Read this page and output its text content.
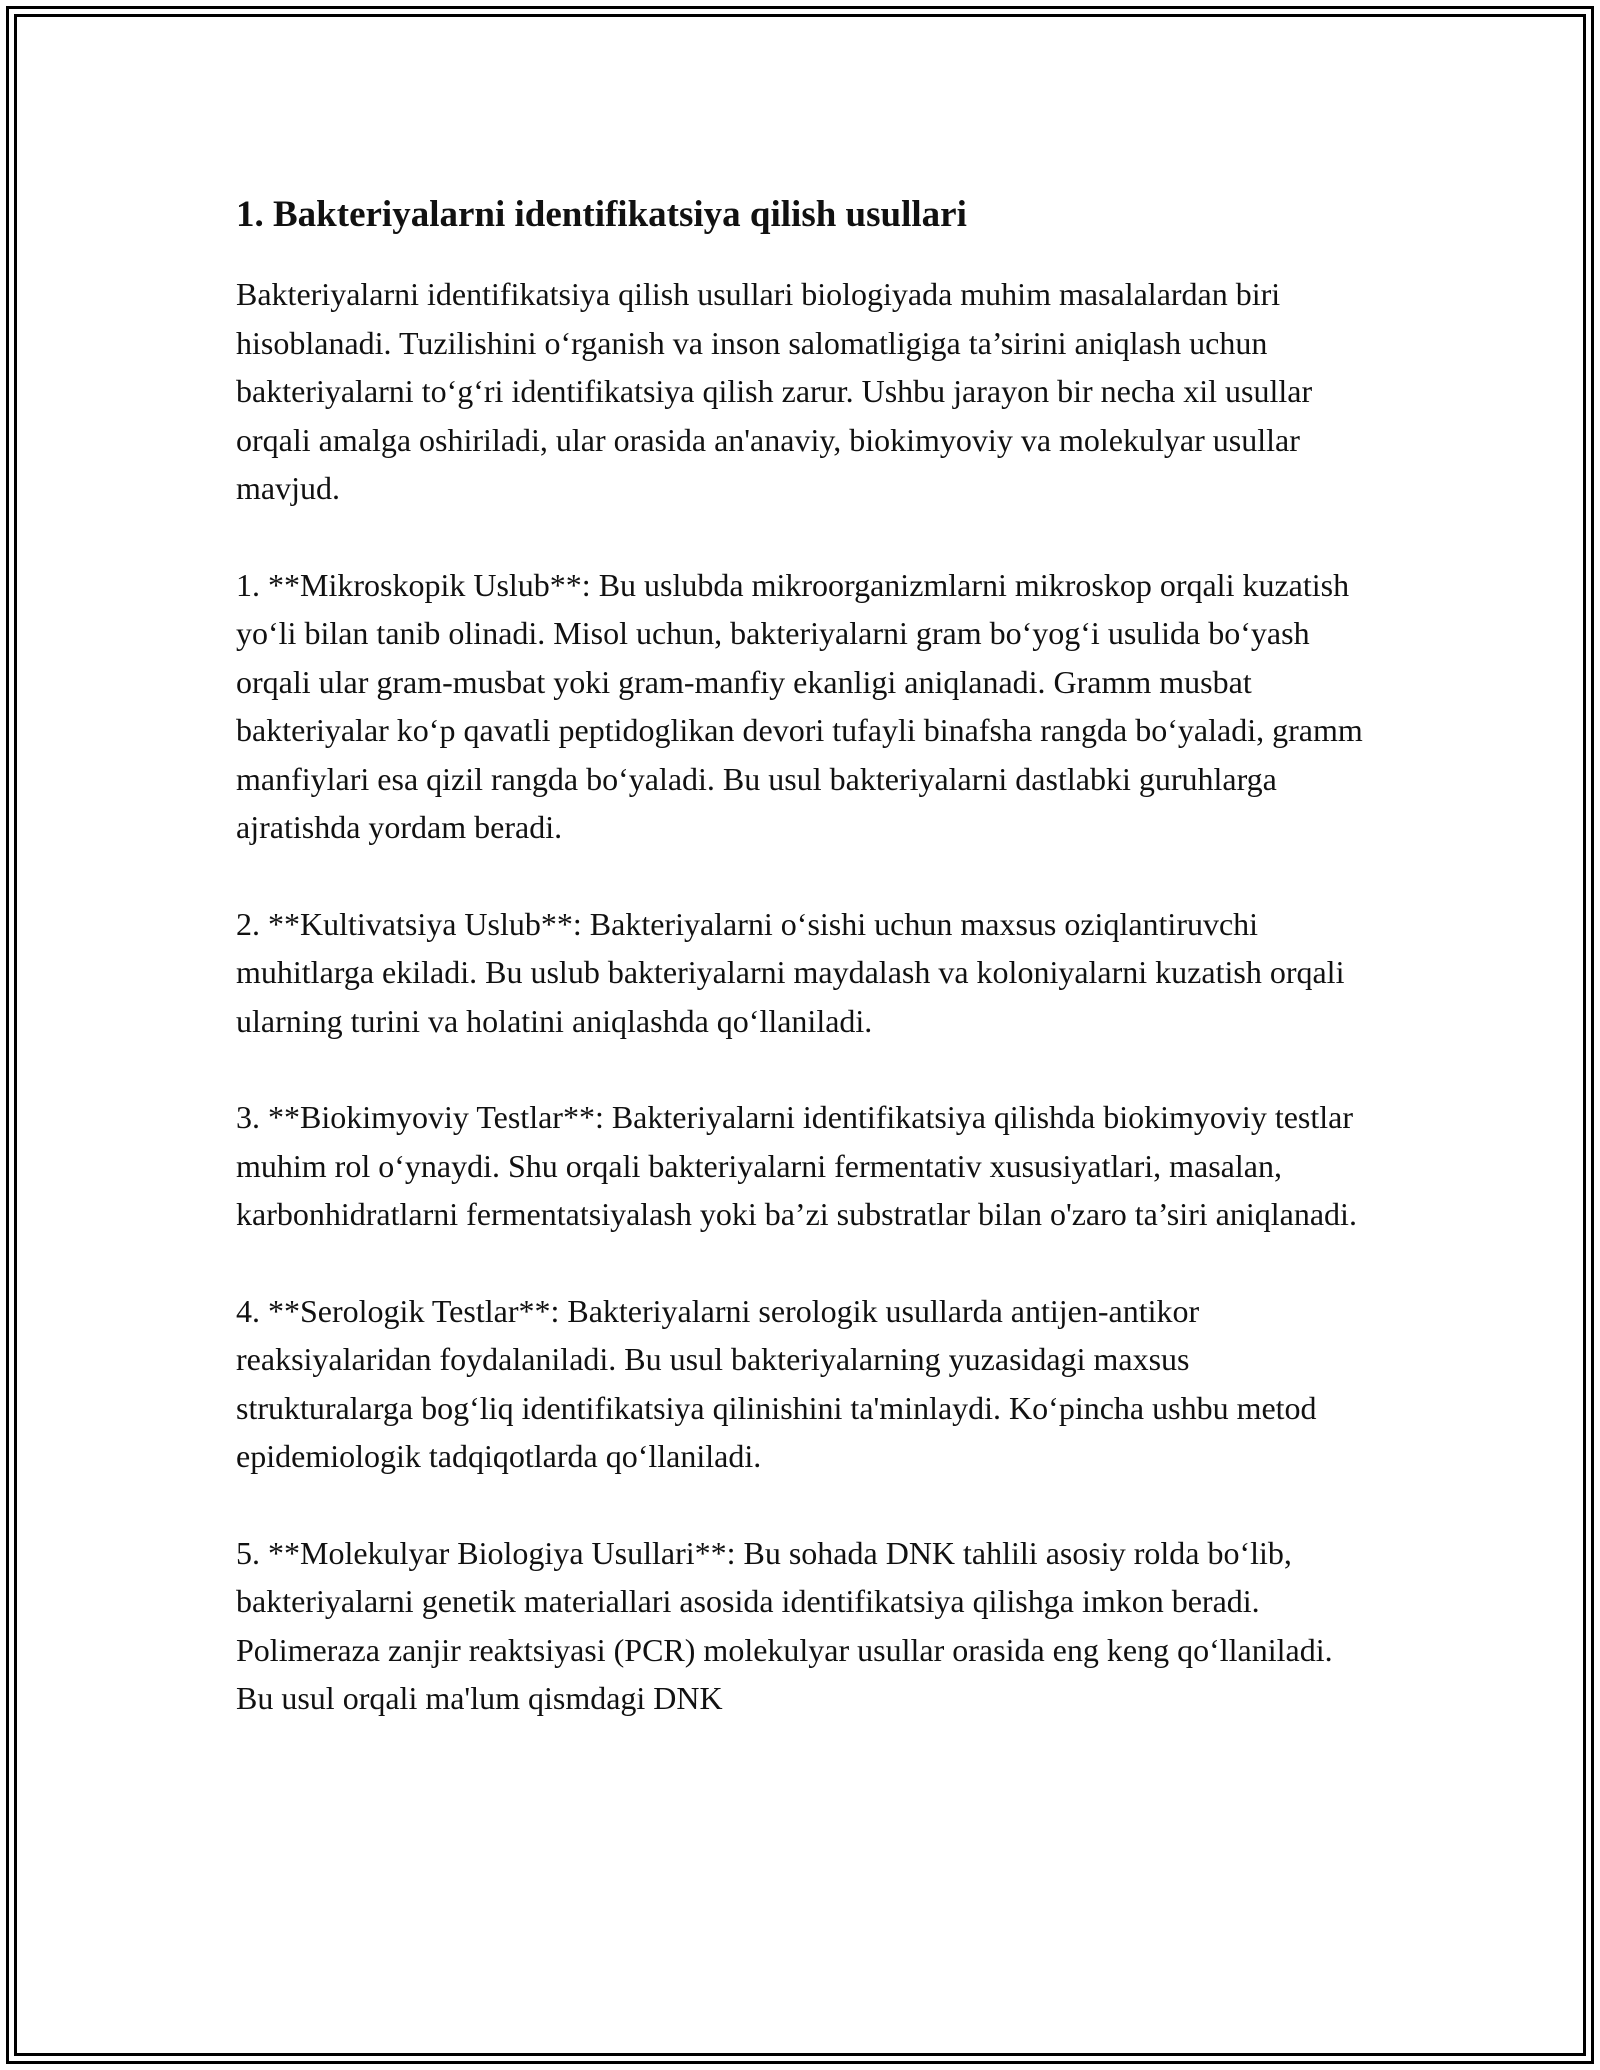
1. Bakteriyalarni identifikatsiya qilish usullari

Bakteriyalarni identifikatsiya qilish usullari biologiyada muhim masalalardan biri hisoblanadi. Tuzilishini o‘rganish va inson salomatligiga ta’sirini aniqlash uchun bakteriyalarni to‘g‘ri identifikatsiya qilish zarur. Ushbu jarayon bir necha xil usullar orqali amalga oshiriladi, ular orasida an'anaviy, biokimyoviy va molekulyar usullar mavjud.

1. **Mikroskopik Uslub**: Bu uslubda mikroorganizmlarni mikroskop orqali kuzatish yo‘li bilan tanib olinadi. Misol uchun, bakteriyalarni gram bo‘yog‘i usulida bo‘yash orqali ular gram-musbat yoki gram-manfiy ekanligi aniqlanadi. Gramm musbat bakteriyalar ko‘p qavatli peptidoglikan devori tufayli binafsha rangda bo‘yaladi, gramm manfiylari esa qizil rangda bo‘yaladi. Bu usul bakteriyalarni dastlabki guruhlarga ajratishda yordam beradi.

2. **Kultivatsiya Uslub**: Bakteriyalarni o‘sishi uchun maxsus oziqlantiruvchi muhitlarga ekiladi. Bu uslub bakteriyalarni maydalash va koloniyalarni kuzatish orqali ularning turini va holatini aniqlashda qo‘llaniladi.

3. **Biokimyoviy Testlar**: Bakteriyalarni identifikatsiya qilishda biokimyoviy testlar muhim rol o‘ynaydi. Shu orqali bakteriyalarni fermentativ xususiyatlari, masalan, karbonhidratlarni fermentatsiyalash yoki ba’zi substratlar bilan o'zaro ta’siri aniqlanadi.

4. **Serologik Testlar**: Bakteriyalarni serologik usullarda antijen-antikor reaksiyalaridan foydalaniladi. Bu usul bakteriyalarning yuzasidagi maxsus strukturalarga bog‘liq identifikatsiya qilinishini ta'minlaydi. Ko‘pincha ushbu metod epidemiologik tadqiqotlarda qo‘llaniladi.

5. **Molekulyar Biologiya Usullari**: Bu sohada DNK tahlili asosiy rolda bo‘lib, bakteriyalarni genetik materiallari asosida identifikatsiya qilishga imkon beradi. Polimeraza zanjir reaktsiyasi (PCR) molekulyar usullar orasida eng keng qo‘llaniladi. Bu usul orqali ma'lum qismdagi DNK
